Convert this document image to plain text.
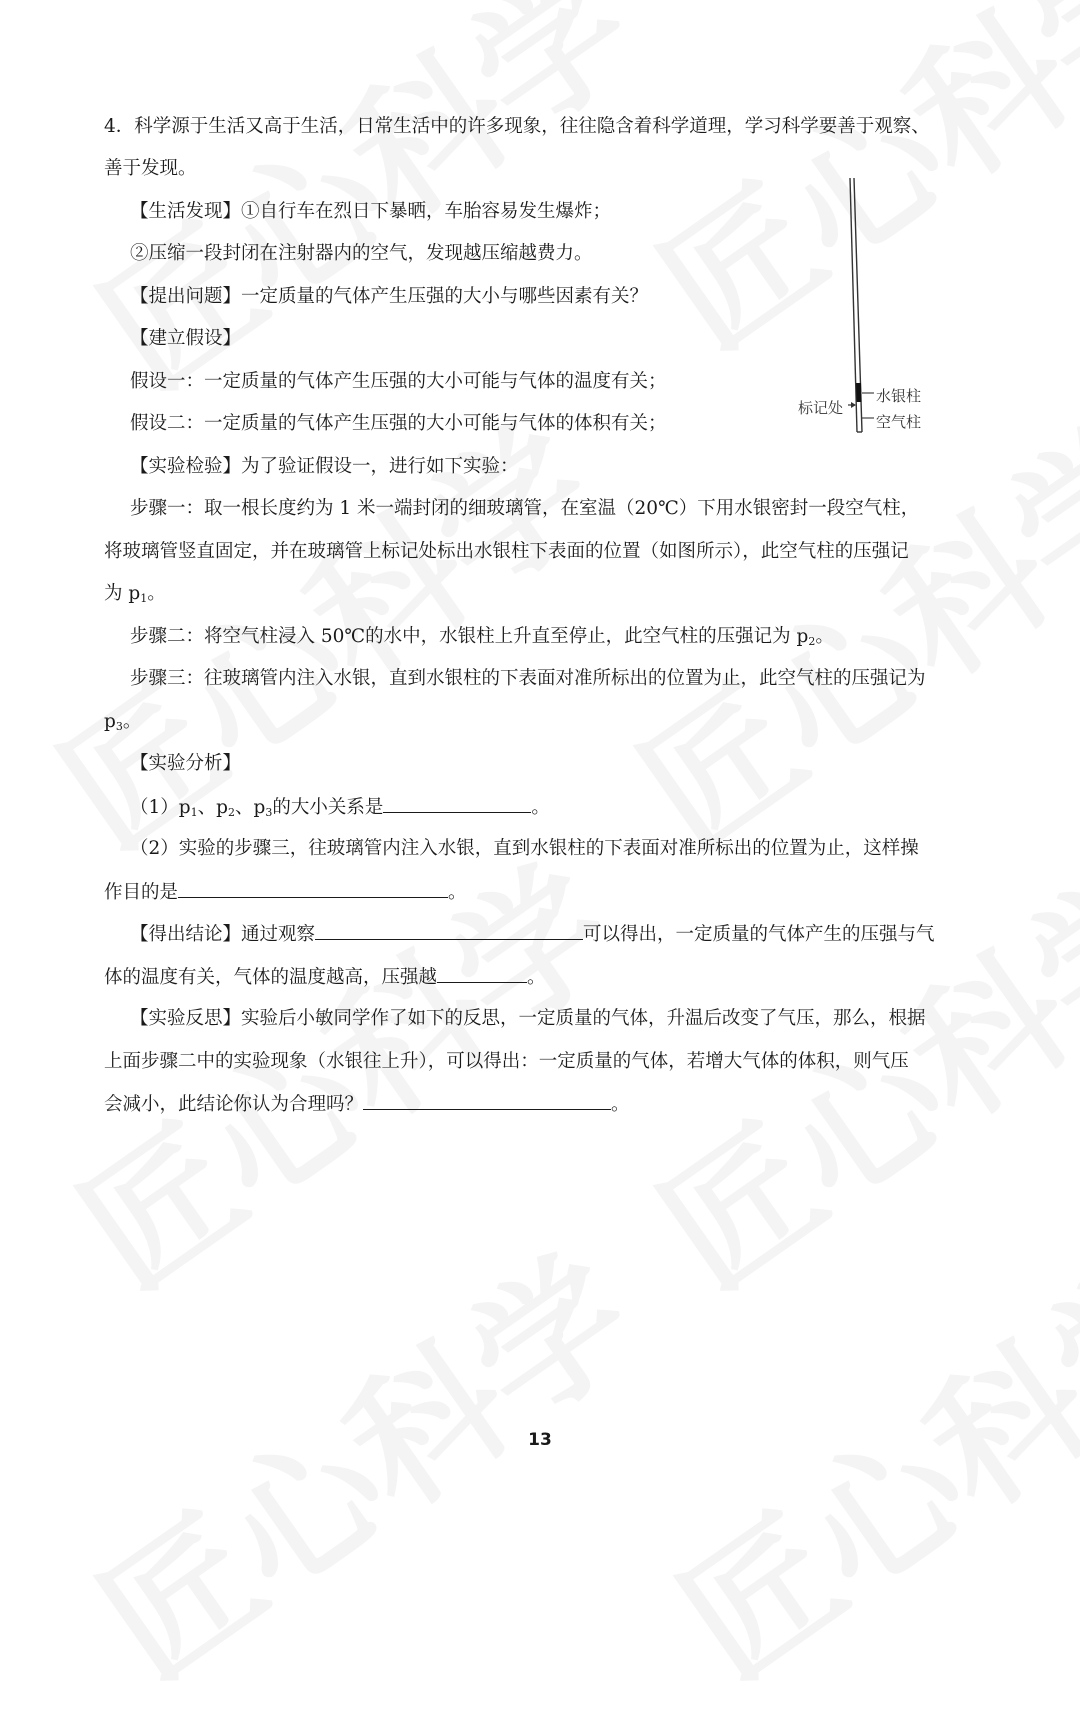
4．科学源于生活又高于生活，日常生活中的许多现象，往往隐含着科学道理，学习科学要善于观察、
善于发现。
【生活发现】①自行车在烈日下暴晒，车胎容易发生爆炸；
②压缩一段封闭在注射器内的空气，发现越压缩越费力。
【提出问题】一定质量的气体产生压强的大小与哪些因素有关？
【建立假设】
假设一：一定质量的气体产生压强的大小可能与气体的温度有关；
假设二：一定质量的气体产生压强的大小可能与气体的体积有关；
【实验检验】为了验证假设一，进行如下实验：
步骤一：取一根长度约为 1 米一端封闭的细玻璃管，在室温（20℃）下用水银密封一段空气柱，
将玻璃管竖直固定，并在玻璃管上标记处标出水银柱下表面的位置（如图所示），此空气柱的压强记
为 $p_1$。
步骤二：将空气柱浸入 50℃的水中，水银柱上升直至停止，此空气柱的压强记为 $p_2$。
步骤三：往玻璃管内注入水银，直到水银柱的下表面对准所标出的位置为止，此空气柱的压强记为
$p_3$。
【实验分析】
$(1)p_1$、$p_2$、$p_3$的大小关系是	。
（2）实验的步骤三，往玻璃管内注入水银，直到水银柱的下表面对准所标出的位置为止，这样操
作目的是	。
【得出结论】通过观察	可以得出，一定质量的气体产生的压强与气
体的温度有关，气体的温度越高，压强越	。
【实验反思】实验后小敏同学作了如下的反思，一定质量的气体，升温后改变了气压，那么，根据
上面步骤二中的实验现象（水银往上升），可以得出：一定质量的气体，若增大气体的体积，则气压
会减小，此结论你认为合理吗？	。
标记处
水银柱
空气柱
13
